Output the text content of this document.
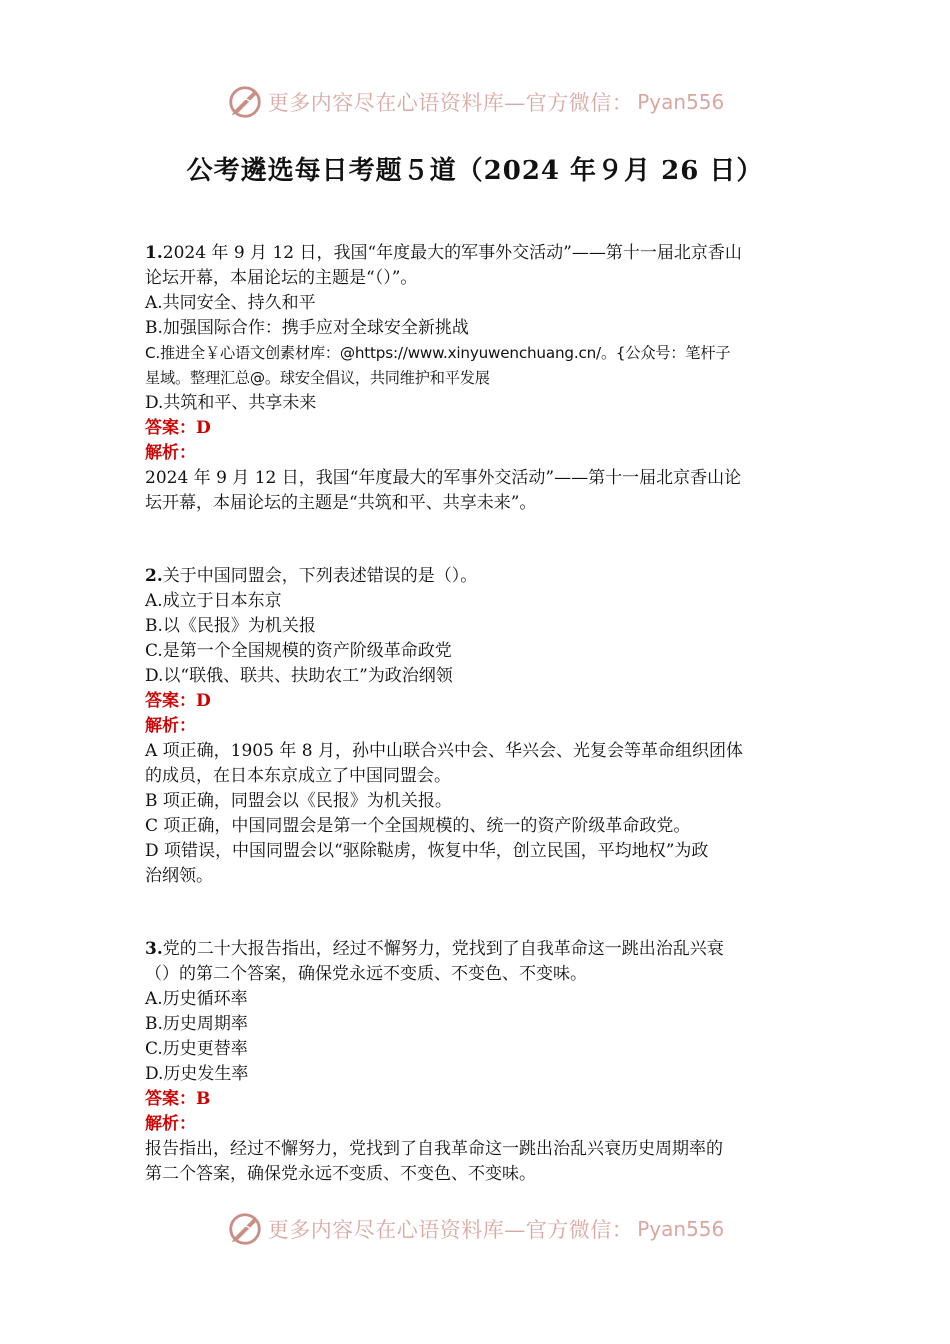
更多内容尽在心语资料库—官方微信： Pyan556
公考遴选每日考题５道（2024 年９月 26 日）
1.2024 年 9 月 12 日，我国“年度最大的军事外交活动”——第十一届北京香山
论坛开幕，本届论坛的主题是“（）”。
A.共同安全、持久和平
B.加强国际合作：携手应对全球安全新挑战
C.推进全￥心语文创素材库：@https://www.xinyuwenchuang.cn/。{公众号：笔杆子
星域。整理汇总@。球安全倡议，共同维护和平发展
D.共筑和平、共享未来
答案：D
解析：
2024 年 9 月 12 日，我国“年度最大的军事外交活动”——第十一届北京香山论
坛开幕，本届论坛的主题是“共筑和平、共享未来”。
2.关于中国同盟会，下列表述错误的是（）。
A.成立于日本东京
B.以《民报》为机关报
C.是第一个全国规模的资产阶级革命政党
D.以“联俄、联共、扶助农工”为政治纲领
答案：D
解析：
A 项正确，1905 年 8 月，孙中山联合兴中会、华兴会、光复会等革命组织团体
的成员，在日本东京成立了中国同盟会。
B 项正确，同盟会以《民报》为机关报。
C 项正确，中国同盟会是第一个全国规模的、统一的资产阶级革命政党。
D 项错误，中国同盟会以“驱除鞑虏，恢复中华，创立民国，平均地权”为政
治纲领。
3.党的二十大报告指出，经过不懈努力，党找到了自我革命这一跳出治乱兴衰
（）的第二个答案，确保党永远不变质、不变色、不变味。
A.历史循环率
B.历史周期率
C.历史更替率
D.历史发生率
答案：B
解析：
报告指出，经过不懈努力，党找到了自我革命这一跳出治乱兴衰历史周期率的
第二个答案，确保党永远不变质、不变色、不变味。
更多内容尽在心语资料库—官方微信： Pyan556
